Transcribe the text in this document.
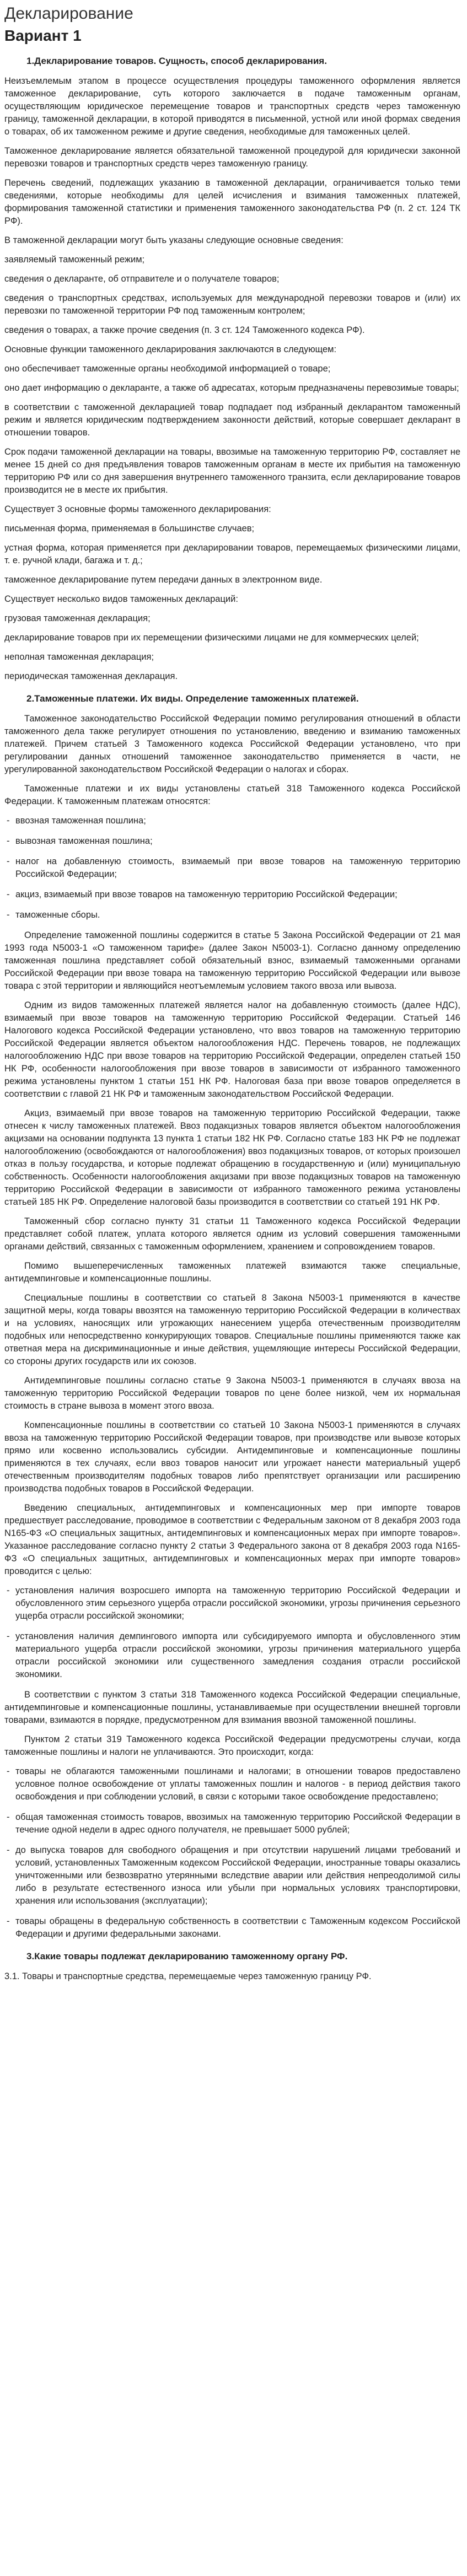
Декларирование
Вариант 1
1.Декларирование товаров. Сущность, способ декларирования.

Неизъемлемым этапом в процессе осуществления процедуры таможенного оформления является таможенное декларирование, суть которого заключается в подаче таможенным органам, осуществляющим юридическое перемещение товаров и транспортных средств через таможенную границу, таможенной декларации, в которой приводятся в письменной, устной или иной формах сведения о товарах, об их таможенном режиме и другие сведения, необходимые для таможенных целей.

Таможенное декларирование является обязательной таможенной процедурой для юридически законной перевозки товаров и транспортных средств через таможенную границу.

Перечень сведений, подлежащих указанию в таможенной декларации, ограничивается только теми сведениями, которые необходимы для целей исчисления и взимания таможенных платежей, формирования таможенной статистики и применения таможенного законодательства РФ (п. 2 ст. 124 ТК РФ).

В таможенной декларации могут быть указаны следующие основные сведения:

заявляемый таможенный режим;

сведения о декларанте, об отправителе и о получателе товаров;

сведения о транспортных средствах, используемых для международной перевозки товаров и (или) их перевозки по таможенной территории РФ под таможенным контролем;

сведения о товарах, а также прочие сведения (п. 3 ст. 124 Таможенного кодекса РФ).

Основные функции таможенного декларирования заключаются в следующем:

оно обеспечивает таможенные органы необходимой информацией о товаре;

оно дает информацию о декларанте, а также об адресатах, которым предназначены перевозимые товары;

в соответствии с таможенной декларацией товар подпадает под избранный декларантом таможенный режим и является юридическим подтверждением законности действий, которые совершает декларант в отношении товаров.

Срок подачи таможенной декларации на товары, ввозимые на таможенную территорию РФ, составляет не менее 15 дней со дня предъявления товаров таможенным органам в месте их прибытия на таможенную территорию РФ или со дня завершения внутреннего таможенного транзита, если декларирование товаров производится не в месте их прибытия.

Существует 3 основные формы таможенного декларирования:

письменная форма, применяемая в большинстве случаев;

устная форма, которая применяется при декларировании товаров, перемещаемых физическими лицами, т. е. ручной клади, багажа и т. д.;

таможенное декларирование путем передачи данных в электронном виде.

Существует несколько видов таможенных деклараций:

грузовая таможенная декларация;

декларирование товаров при их перемещении физическими лицами не для коммерческих целей;

неполная таможенная декларация;

периодическая таможенная декларация.

2.Таможенные платежи. Их виды. Определение таможенных платежей.

Таможенное законодательство Российской Федерации помимо регулирования отношений в области таможенного дела также регулирует отношения по установлению, введению и взиманию таможенных платежей. Причем статьей 3 Таможенного кодекса Российской Федерации установлено, что при регулировании данных отношений таможенное законодательство применяется в части, не урегулированной законодательством Российской Федерации о налогах и сборах.

Таможенные платежи и их виды установлены статьей 318 Таможенного кодекса Российской Федерации. К таможенным платежам относятся:

- ввозная таможенная пошлина;
- вывозная таможенная пошлина;
- налог на добавленную стоимость, взимаемый при ввозе товаров на таможенную территорию Российской Федерации;
- акциз, взимаемый при ввозе товаров на таможенную территорию Российской Федерации;
- таможенные сборы.

Определение таможенной пошлины содержится в статье 5 Закона Российской Федерации от 21 мая 1993 года N5003-1 «О таможенном тарифе» (далее Закон N5003-1). Согласно данному определению таможенная пошлина представляет собой обязательный взнос, взимаемый таможенными органами Российской Федерации при ввозе товара на таможенную территорию Российской Федерации или вывозе товара с этой территории и являющийся неотъемлемым условием такого ввоза или вывоза.

Одним из видов таможенных платежей является налог на добавленную стоимость (далее НДС), взимаемый при ввозе товаров на таможенную территорию Российской Федерации. Статьей 146 Налогового кодекса Российской Федерации установлено, что ввоз товаров на таможенную территорию Российской Федерации является объектом налогообложения НДС. Перечень товаров, не подлежащих налогообложению НДС при ввозе товаров на территорию Российской Федерации, определен статьей 150 НК РФ, особенности налогообложения при ввозе товаров в зависимости от избранного таможенного режима установлены пунктом 1 статьи 151 НК РФ. Налоговая база при ввозе товаров определяется в соответствии с главой 21 НК РФ и таможенным законодательством Российской Федерации.

Акциз, взимаемый при ввозе товаров на таможенную территорию Российской Федерации, также отнесен к числу таможенных платежей. Ввоз подакцизных товаров является объектом налогообложения акцизами на основании подпункта 13 пункта 1 статьи 182 НК РФ. Согласно статье 183 НК РФ не подлежат налогообложению (освобождаются от налогообложения) ввоз подакцизных товаров, от которых произошел отказ в пользу государства, и которые подлежат обращению в государственную и (или) муниципальную собственность. Особенности налогообложения акцизами при ввозе подакцизных товаров на таможенную территорию Российской Федерации в зависимости от избранного таможенного режима установлены статьей 185 НК РФ. Определение налоговой базы производится в соответствии со статьей 191 НК РФ.

Таможенный сбор согласно пункту 31 статьи 11 Таможенного кодекса Российской Федерации представляет собой платеж, уплата которого является одним из условий совершения таможенными органами действий, связанных с таможенным оформлением, хранением и сопровождением товаров.

Помимо вышеперечисленных таможенных платежей взимаются также специальные, антидемпинговые и компенсационные пошлины.

Специальные пошлины в соответствии со статьей 8 Закона N5003-1 применяются в качестве защитной меры, когда товары ввозятся на таможенную территорию Российской Федерации в количествах и на условиях, наносящих или угрожающих нанесением ущерба отечественным производителям подобных или непосредственно конкурирующих товаров. Специальные пошлины применяются также как ответная мера на дискриминационные и иные действия, ущемляющие интересы Российской Федерации, со стороны других государств или их союзов.

Антидемпинговые пошлины согласно статье 9 Закона N5003-1 применяются в случаях ввоза на таможенную территорию Российской Федерации товаров по цене более низкой, чем их нормальная стоимость в стране вывоза в момент этого ввоза.

Компенсационные пошлины в соответствии со статьей 10 Закона N5003-1 применяются в случаях ввоза на таможенную территорию Российской Федерации товаров, при производстве или вывозе которых прямо или косвенно использовались субсидии. Антидемпинговые и компенсационные пошлины применяются в тех случаях, если ввоз товаров наносит или угрожает нанести материальный ущерб отечественным производителям подобных товаров либо препятствует организации или расширению производства подобных товаров в Российской Федерации.

Введению специальных, антидемпинговых и компенсационных мер при импорте товаров предшествует расследование, проводимое в соответствии с Федеральным законом от 8 декабря 2003 года N165-ФЗ «О специальных защитных, антидемпинговых и компенсационных мерах при импорте товаров». Указанное расследование согласно пункту 2 статьи 3 Федерального закона от 8 декабря 2003 года N165-ФЗ «О специальных защитных, антидемпинговых и компенсационных мерах при импорте товаров» проводится с целью:

- установления наличия возросшего импорта на таможенную территорию Российской Федерации и обусловленного этим серьезного ущерба отрасли российской экономики, угрозы причинения серьезного ущерба отрасли российской экономики;
- установления наличия демпингового импорта или субсидируемого импорта и обусловленного этим материального ущерба отрасли российской экономики, угрозы причинения материального ущерба отрасли российской экономики или существенного замедления создания отрасли российской экономики.

В соответствии с пунктом 3 статьи 318 Таможенного кодекса Российской Федерации специальные, антидемпинговые и компенсационные пошлины, устанавливаемые при осуществлении внешней торговли товарами, взимаются в порядке, предусмотренном для взимания ввозной таможенной пошлины.

Пунктом 2 статьи 319 Таможенного кодекса Российской Федерации предусмотрены случаи, когда таможенные пошлины и налоги не уплачиваются. Это происходит, когда:

- товары не облагаются таможенными пошлинами и налогами; в отношении товаров предоставлено условное полное освобождение от уплаты таможенных пошлин и налогов - в период действия такого освобождения и при соблюдении условий, в связи с которыми такое освобождение предоставлено;
- общая таможенная стоимость товаров, ввозимых на таможенную территорию Российской Федерации в течение одной недели в адрес одного получателя, не превышает 5000 рублей;
- до выпуска товаров для свободного обращения и при отсутствии нарушений лицами требований и условий, установленных Таможенным кодексом Российской Федерации, иностранные товары оказались уничтоженными или безвозвратно утерянными вследствие аварии или действия непреодолимой силы либо в результате естественного износа или убыли при нормальных условиях транспортировки, хранения или использования (эксплуатации);
- товары обращены в федеральную собственность в соответствии с Таможенным кодексом Российской Федерации и другими федеральными законами.
3.Какие товары подлежат декларированию таможенному органу РФ.

3.1. Товары и транспортные средства, перемещаемые через таможенную границу РФ.
